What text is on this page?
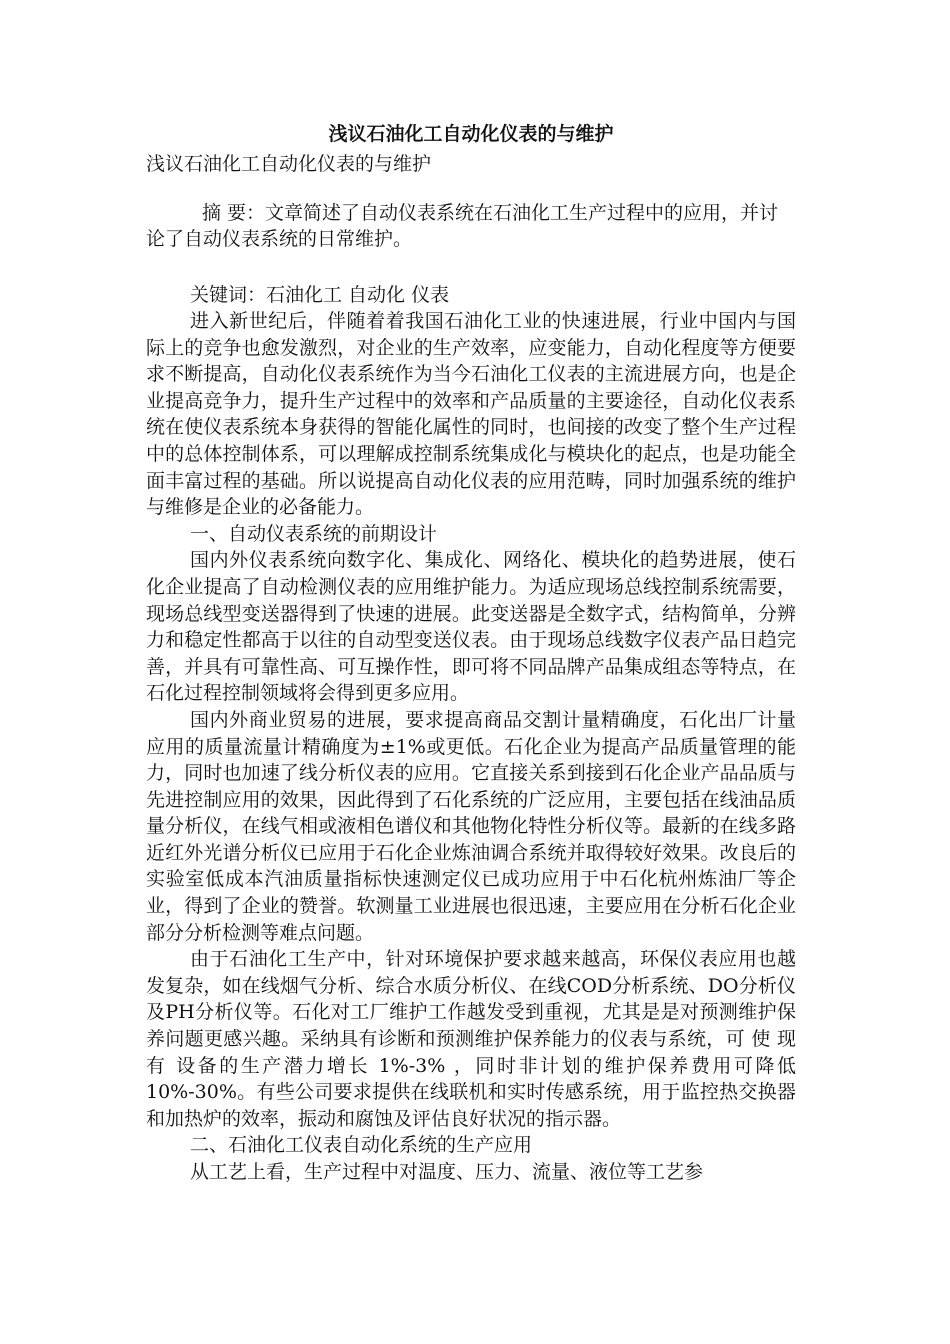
浅议石油化工自动化仪表的与维护

浅议石油化工自动化仪表的与维护

摘 要：文章简述了自动仪表系统在石油化工生产过程中的应用，并讨论了自动仪表系统的日常维护。

关键词：石油化工 自动化 仪表

进入新世纪后，伴随着着我国石油化工业的快速进展，行业中国内与国际上的竞争也愈发激烈，对企业的生产效率，应变能力，自动化程度等方便要求不断提高，自动化仪表系统作为当今石油化工仪表的主流进展方向，也是企业提高竞争力，提升生产过程中的效率和产品质量的主要途径，自动化仪表系统在使仪表系统本身获得的智能化属性的同时，也间接的改变了整个生产过程中的总体控制体系，可以理解成控制系统集成化与模块化的起点，也是功能全面丰富过程的基础。所以说提高自动化仪表的应用范畴，同时加强系统的维护与维修是企业的必备能力。

一、自动仪表系统的前期设计

国内外仪表系统向数字化、集成化、网络化、模块化的趋势进展，使石化企业提高了自动检测仪表的应用维护能力。为适应现场总线控制系统需要，现场总线型变送器得到了快速的进展。此变送器是全数字式，结构简单，分辨力和稳定性都高于以往的自动型变送仪表。由于现场总线数字仪表产品日趋完善，并具有可靠性高、可互操作性，即可将不同品牌产品集成组态等特点，在石化过程控制领域将会得到更多应用。

国内外商业贸易的进展，要求提高商品交割计量精确度，石化出厂计量应用的质量流量计精确度为±1%或更低。石化企业为提高产品质量管理的能力，同时也加速了线分析仪表的应用。它直接关系到接到石化企业产品品质与先进控制应用的效果，因此得到了石化系统的广泛应用，主要包括在线油品质量分析仪，在线气相或液相色谱仪和其他物化特性分析仪等。最新的在线多路近红外光谱分析仪已应用于石化企业炼油调合系统并取得较好效果。改良后的实验室低成本汽油质量指标快速测定仪已成功应用于中石化杭州炼油厂等企业，得到了企业的赞誉。软测量工业进展也很迅速，主要应用在分析石化企业部分分析检测等难点问题。

由于石油化工生产中，针对环境保护要求越来越高，环保仪表应用也越发复杂，如在线烟气分析、综合水质分析仪、在线COD分析系统、DO分析仪及PH分析仪等。石化对工厂维护工作越发受到重视，尤其是是对预测维护保养问题更感兴趣。采纳具有诊断和预测维护保养能力的仪表与系统，可 使 现 有 设备的生产潜力增长 1%-3% ，同时非计划的维护保养费用可降低10%-30%。有些公司要求提供在线联机和实时传感系统，用于监控热交换器和加热炉的效率，振动和腐蚀及评估良好状况的指示器。

二、石油化工仪表自动化系统的生产应用

从工艺上看，生产过程中对温度、压力、流量、液位等工艺参
